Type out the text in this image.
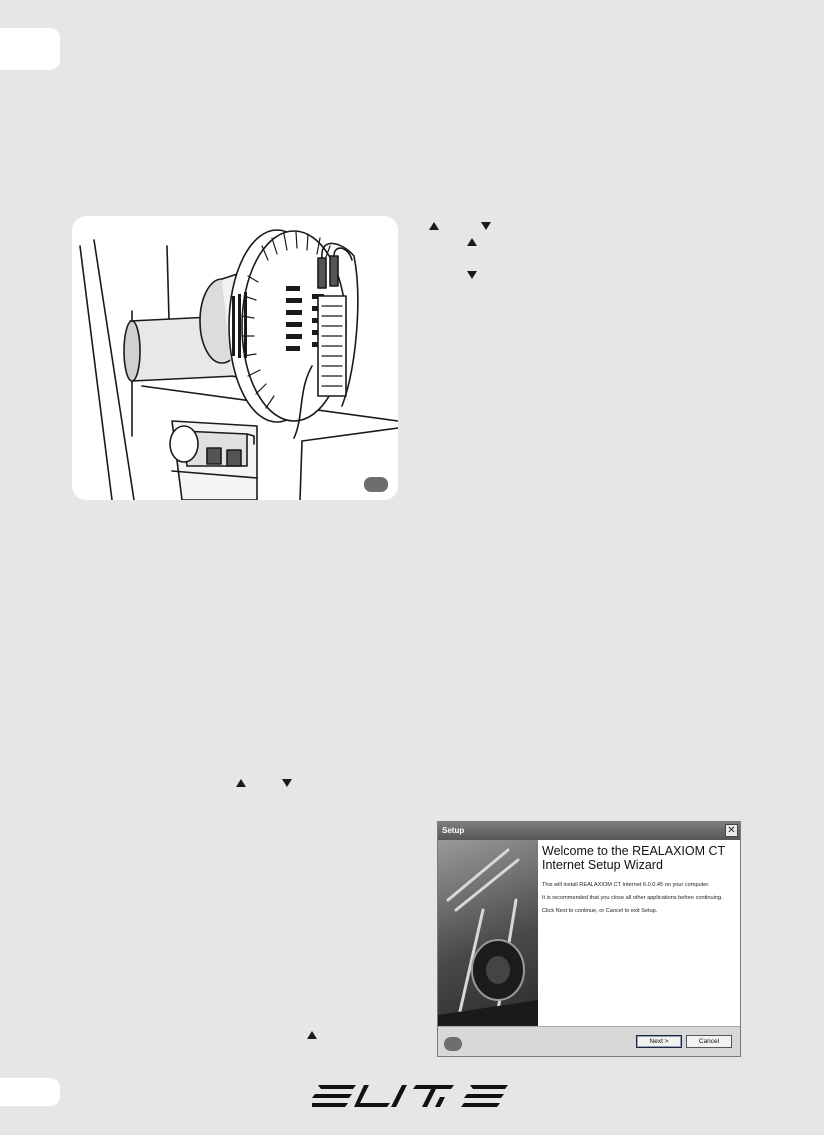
Setup	✕
Welcome to the REALAXIOM CT Internet Setup Wizard

This will install REALAXIOM CT Internet 6.0.0.45 on your computer.

It is recommended that you close all other applications before continuing.

Click Next to continue, or Cancel to exit Setup.

Next >	Cancel
